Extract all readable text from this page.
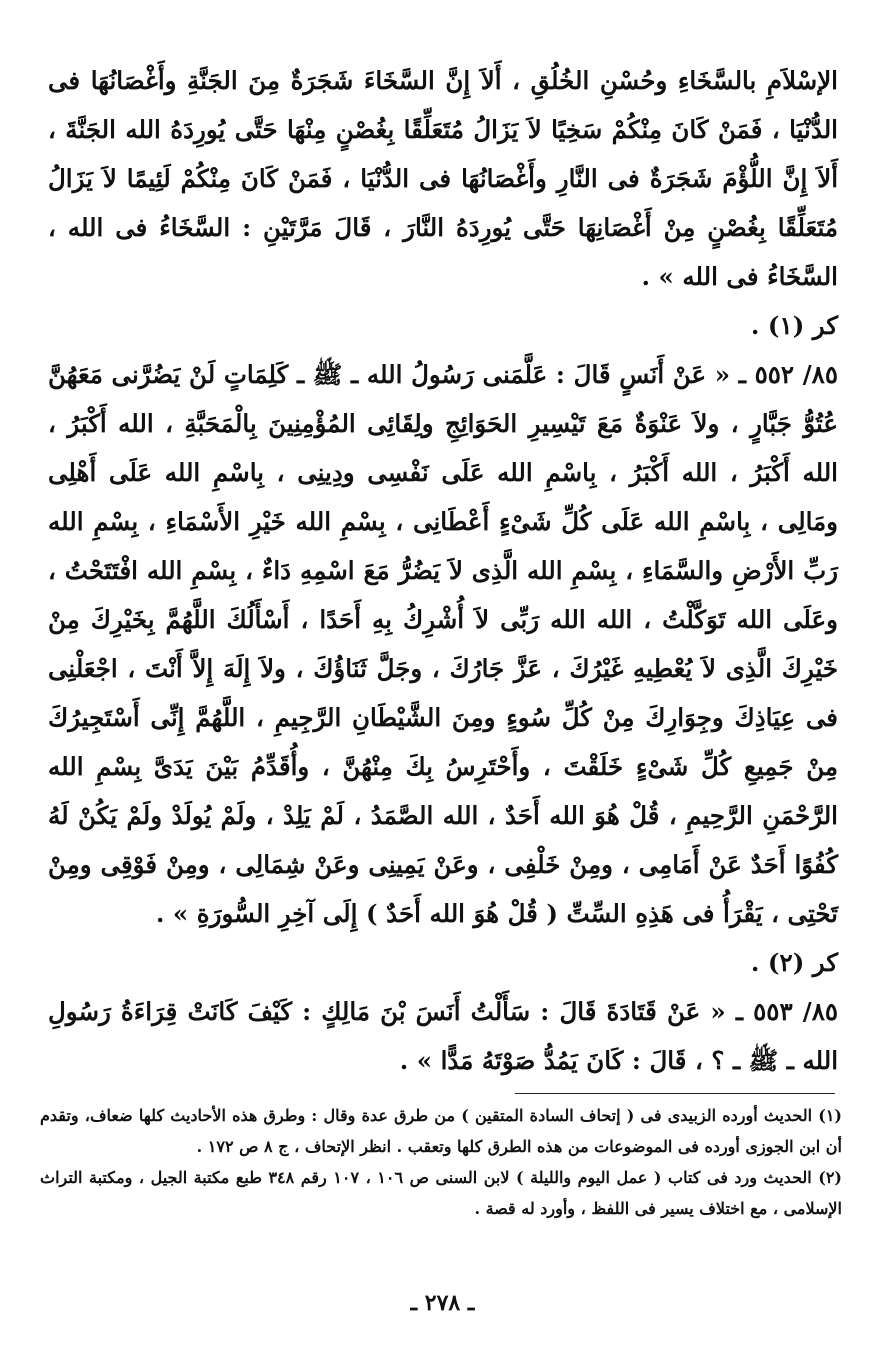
الإسْلاَمِ بالسَّخَاءِ وحُسْنِ الخُلُقِ ، أَلاَ إِنَّ السَّخَاءَ شَجَرَةٌ مِنَ الجَنَّةِ وأَغْصَانُهَا فى الدُّنْيَا ، فَمَنْ كَانَ مِنْكُمْ سَخِيًا لاَ يَزَالُ مُتَعَلِّقًا بِغُصْنٍ مِنْهَا حَتَّى يُورِدَهُ الله الجَنَّةَ ، أَلاَ إِنَّ اللُّؤْمَ شَجَرَةٌ فى النَّارِ وأَغْصَانُهَا فى الدُّنْيَا ، فَمَنْ كَانَ مِنْكُمْ لَئِيمًا لاَ يَزَالُ مُتَعَلِّقًا بِغُصْنٍ مِنْ أَغْصَانِهَا حَتَّى يُورِدَهُ النَّارَ ، قَالَ مَرَّتَيْنِ : السَّخَاءُ فى الله ، السَّخَاءُ فى الله » .

كر (١) .

٨٥/ ٥٥٢ ـ « عَنْ أَنَسٍ قَالَ : عَلَّمَنى رَسُولُ الله ـ ﷺ ـ كَلِمَاتٍ لَنْ يَضُرَّنى مَعَهُنَّ عُتُوُّ جَبَّارٍ ، ولاَ عَنْوَةٌ مَعَ تَيْسِيرِ الحَوَائِجِ ولِقَائِى المُؤْمِنِينَ بِالْمَحَبَّةِ ، الله أَكْبَرُ ، الله أَكْبَرُ ، الله أَكْبَرُ ، بِاسْمِ الله عَلَى نَفْسِى ودِينِى ، بِاسْمِ الله عَلَى أَهْلِى ومَالِى ، بِاسْمِ الله عَلَى كُلِّ شَىْءٍ أَعْطَانِى ، بِسْمِ الله خَيْرِ الأَسْمَاءِ ، بِسْمِ الله رَبِّ الأَرْضِ والسَّمَاءِ ، بِسْمِ الله الَّذِى لاَ يَضُرُّ مَعَ اسْمِهِ دَاءٌ ، بِسْمِ الله افْتَتَحْتُ ، وعَلَى الله تَوَكَّلْتُ ، الله الله رَبِّى لاَ أُشْرِكُ بِهِ أَحَدًا ، أَسْأَلُكَ اللَّهُمَّ بِخَيْرِكَ مِنْ خَيْرِكَ الَّذِى لاَ يُعْطِيهِ غَيْرُكَ ، عَزَّ جَارُكَ ، وجَلَّ ثَنَاؤُكَ ، ولاَ إِلَهَ إِلاَّ أَنْتَ ، اجْعَلْنِى فى عِيَاذِكَ وجِوَارِكَ مِنْ كُلِّ سُوءٍ ومِنَ الشَّيْطَانِ الرَّجِيمِ ، اللَّهُمَّ إِنِّى أَسْتَجِيرُكَ مِنْ جَمِيعِ كُلِّ شَىْءٍ خَلَقْتَ ، وأَحْتَرِسُ بِكَ مِنْهُنَّ ، وأُقَدِّمُ بَيْنَ يَدَىَّ بِسْمِ الله الرَّحْمَنِ الرَّحِيمِ ، قُلْ هُوَ الله أَحَدٌ ، الله الصَّمَدُ ، لَمْ يَلِدْ ، ولَمْ يُولَدْ ولَمْ يَكُنْ لَهُ كُفُوًا أَحَدٌ عَنْ أَمَامِى ، ومِنْ خَلْفِى ، وعَنْ يَمِينِى وعَنْ شِمَالِى ، ومِنْ فَوْقِى ومِنْ تَحْتِى ، يَقْرَأُ فى هَذِهِ السِّتِّ ( قُلْ هُوَ الله أَحَدٌ ) إِلَى آخِرِ السُّورَةِ » .

كر (٢) .

٨٥/ ٥٥٣ ـ « عَنْ قَتَادَةَ قَالَ : سَأَلْتُ أَنَسَ بْنَ مَالِكٍ : كَيْفَ كَانَتْ قِرَاءَةُ رَسُولِ الله ـ ﷺ ـ ؟ ، قَالَ : كَانَ يَمُدُّ صَوْتَهُ مَدًّا » .

(١) الحديث أورده الزبيدى فى ( إتحاف السادة المتقين ) من طرق عدة وقال : وطرق هذه الأحاديث كلها ضعاف، وتقدم أن ابن الجوزى أورده فى الموضوعات من هذه الطرق كلها وتعقب . انظر الإتحاف ، ج ٨ ص ١٧٢ .

(٢) الحديث ورد فى كتاب ( عمل اليوم والليلة ) لابن السنى ص ١٠٦ ، ١٠٧ رقم ٣٤٨ طبع مكتبة الجيل ، ومكتبة التراث الإسلامى ، مع اختلاف يسير فى اللفظ ، وأورد له قصة .

ـ ٢٧٨ ـ
